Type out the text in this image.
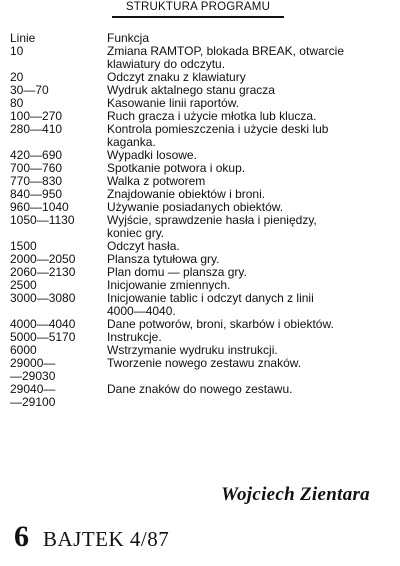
STRUKTURA PROGRAMU
Linie	Funkcja
10	Zmiana RAMTOP, blokada BREAK, otwarcie
klawiatury do odczytu.
20	Odczyt znaku z klawiatury
30—70	Wydruk aktalnego stanu gracza
80	Kasowanie linii raportów.
100—270	Ruch gracza i użycie młotka lub klucza.
280—410	Kontrola pomieszczenia i użycie deski lub
kaganka.
420—690	Wypadki losowe.
700—760	Spotkanie potwora i okup.
770—830	Walka z potworem
840—950	Znajdowanie obiektów i broni.
960—1040	Używanie posiadanych obiektów.
1050—1130	Wyjście, sprawdzenie hasła i pieniędzy,
koniec gry.
1500	Odczyt hasła.
2000—2050	Plansza tytułowa gry.
2060—2130	Plan domu — plansza gry.
2500	Inicjowanie zmiennych.
3000—3080	Inicjowanie tablic i odczyt danych z linii
4000—4040.
4000—4040	Dane potworów, broni, skarbów i obiektów.
5000—5170	Instrukcje.
6000	Wstrzymanie wydruku instrukcji.
29000—	Tworzenie nowego zestawu znaków.
—29030
29040—	Dane znaków do nowego zestawu.
—29100
Wojciech Zientara
6 BAJTEK 4/87
